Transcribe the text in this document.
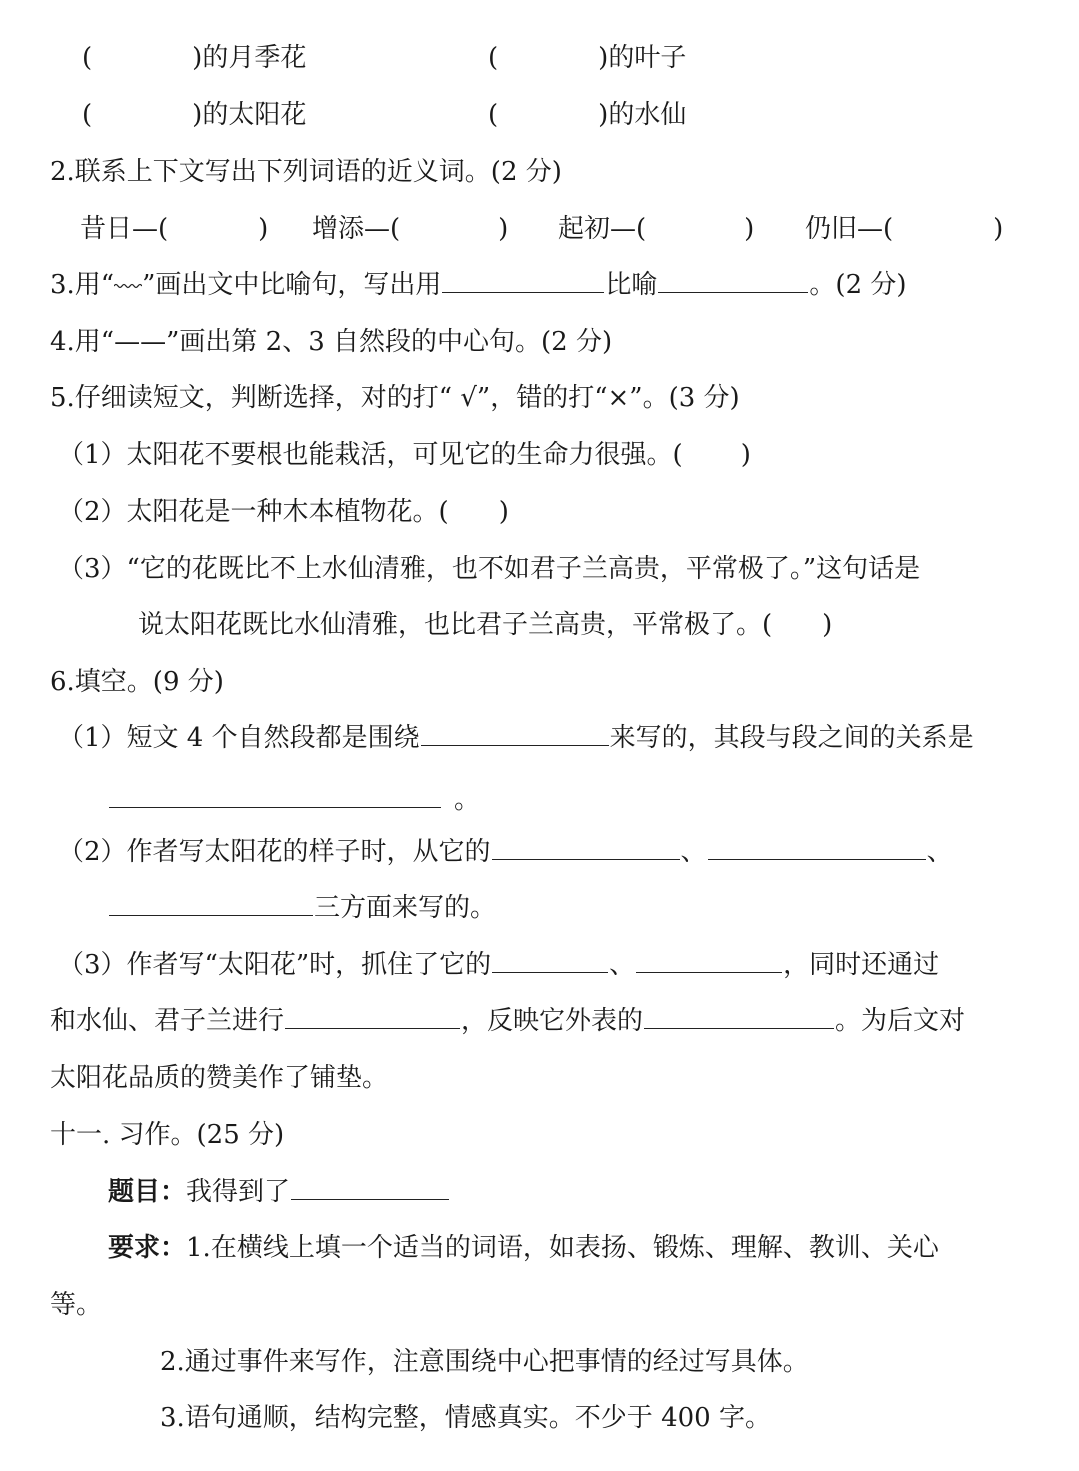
(	)的月季花	(	)的叶子
(	)的太阳花	(	)的水仙
2.联系上下文写出下列词语的近义词。(2 分)
昔日—(	) 增添—(	) 起初—(	) 仍旧—(	)
3.用“ ”画出文中比喻句，写出用	比喻	。(2 分)
4.用“——”画出第 2、3 自然段的中心句。(2 分)
5.仔细读短文，判断选择，对的打“ √”，错的打“×”。(3 分)
（1）太阳花不要根也能栽活，可见它的生命力很强。( )
（2）太阳花是一种木本植物花。( )
（3）“它的花既比不上水仙清雅，也不如君子兰高贵，平常极了。”这句话是
说太阳花既比水仙清雅，也比君子兰高贵，平常极了。( )
6.填空。(9 分)
（1）短文 4 个自然段都是围绕	来写的，其段与段之间的关系是
。
（2）作者写太阳花的样子时，从它的	、	、
三方面来写的。
（3）作者写“太阳花”时，抓住了它的	、	，同时还通过
和水仙、君子兰进行	，反映它外表的	。为后文对
太阳花品质的赞美作了铺垫。
十一. 习作。(25 分)
题目：我得到了
要求：1.在横线上填一个适当的词语，如表扬、锻炼、理解、教训、关心
等。
2.通过事件来写作，注意围绕中心把事情的经过写具体。
3.语句通顺，结构完整，情感真实。不少于 400 字。
